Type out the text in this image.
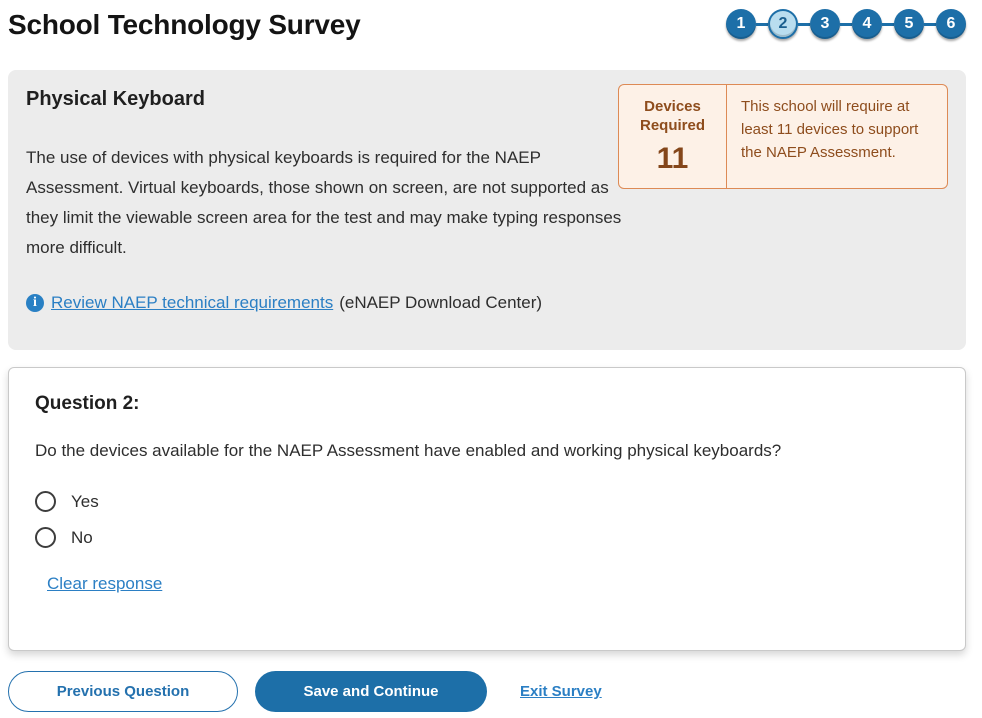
School Technology Survey	1	2	3	4	5	6
Physical Keyboard
The use of devices with physical keyboards is required for the NAEP Assessment. Virtual keyboards, those shown on screen, are not supported as they limit the viewable screen area for the test and may make typing responses more difficult.
i Review NAEP technical requirements (eNAEP Download Center)
Devices Required
11
This school will require at least 11 devices to support the NAEP Assessment.
Question 2:
Do the devices available for the NAEP Assessment have enabled and working physical keyboards?
Yes
No
Clear response
Previous Question	Save and Continue	Exit Survey
